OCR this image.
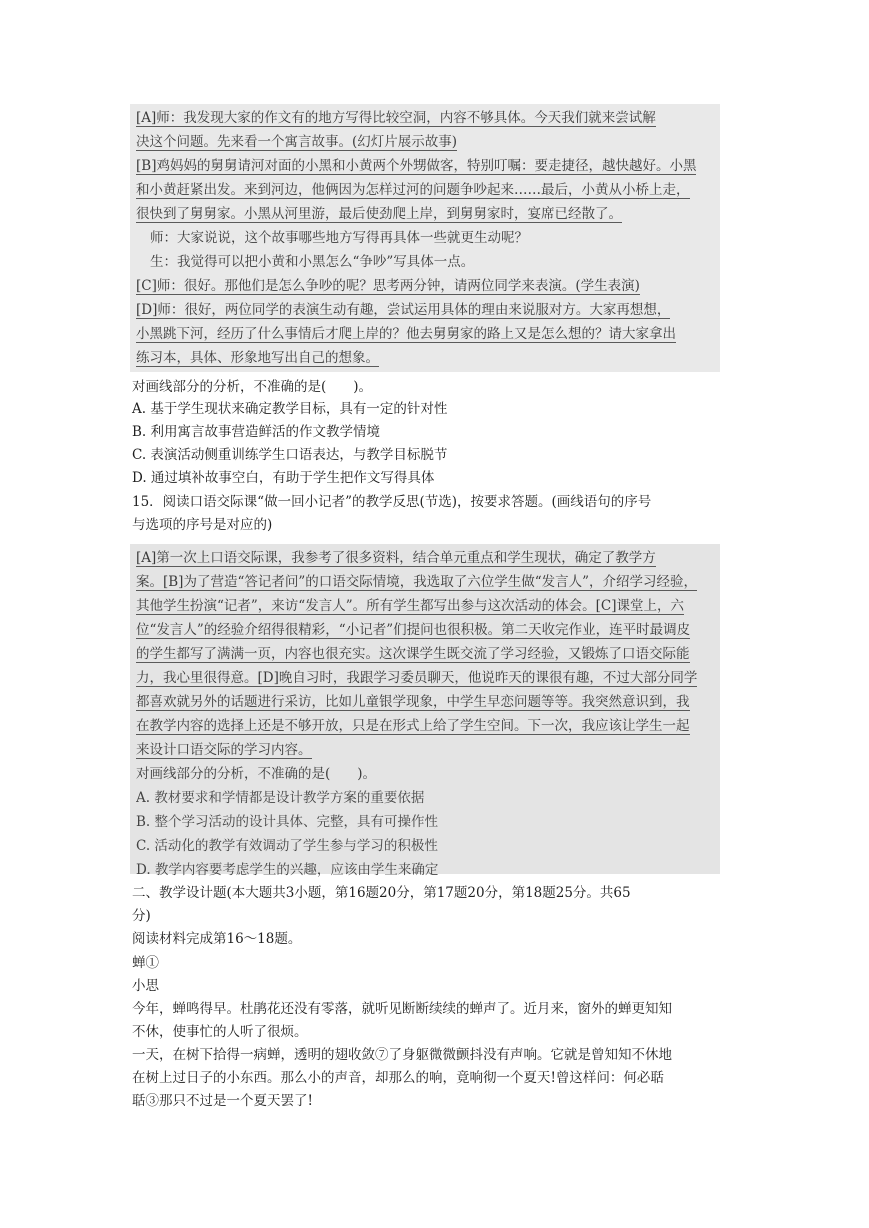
[A]师：我发现大家的作文有的地方写得比较空洞，内容不够具体。今天我们就来尝试解

决这个问题。先来看一个寓言故事。(幻灯片展示故事)

[B]鸡妈妈的舅舅请河对面的小黑和小黄两个外甥做客，特别叮嘱：要走捷径，越快越好。小黑

和小黄赶紧出发。来到河边，他俩因为怎样过河的问题争吵起来……最后，小黄从小桥上走，

很快到了舅舅家。小黑从河里游，最后使劲爬上岸，到舅舅家时，宴席已经散了。

师：大家说说，这个故事哪些地方写得再具体一些就更生动呢？

生：我觉得可以把小黄和小黑怎么“争吵”写具体一点。

[C]师：很好。那他们是怎么争吵的呢？思考两分钟，请两位同学来表演。(学生表演)

[D]师：很好，两位同学的表演生动有趣，尝试运用具体的理由来说服对方。大家再想想，

小黑跳下河，经历了什么事情后才爬上岸的？他去舅舅家的路上又是怎么想的？请大家拿出

练习本，具体、形象地写出自己的想象。

对画线部分的分析，不准确的是(　　)。

A. 基于学生现状来确定教学目标，具有一定的针对性

B. 利用寓言故事营造鲜活的作文教学情境

C. 表演活动侧重训练学生口语表达，与教学目标脱节

D. 通过填补故事空白，有助于学生把作文写得具体

15．阅读口语交际课“做一回小记者”的教学反思(节选)，按要求答题。(画线语句的序号

与选项的序号是对应的)

[A]第一次上口语交际课，我参考了很多资料，结合单元重点和学生现状，确定了教学方

案。[B]为了营造“答记者问”的口语交际情境，我选取了六位学生做“发言人”，介绍学习经验，

其他学生扮演“记者”，来访“发言人”。所有学生都写出参与这次活动的体会。[C]课堂上，六

位“发言人”的经验介绍得很精彩，“小记者”们提问也很积极。第二天收完作业，连平时最调皮

的学生都写了满满一页，内容也很充实。这次课学生既交流了学习经验，又锻炼了口语交际能

力，我心里很得意。[D]晚自习时，我跟学习委员聊天，他说昨天的课很有趣，不过大部分同学

都喜欢就另外的话题进行采访，比如儿童银学现象，中学生早恋问题等等。我突然意识到，我

在教学内容的选择上还是不够开放，只是在形式上给了学生空间。下一次，我应该让学生一起

来设计口语交际的学习内容。

对画线部分的分析，不准确的是(　　)。

A. 教材要求和学情都是设计教学方案的重要依据

B. 整个学习活动的设计具体、完整，具有可操作性

C. 活动化的教学有效调动了学生参与学习的积极性

D. 教学内容要考虑学生的兴趣，应该由学生来确定

二、教学设计题(本大题共3小题，第16题20分，第17题20分，第18题25分。共65

分)

阅读材料完成第16～18题。

蝉①

小思

今年，蝉鸣得早。杜鹃花还没有零落，就听见断断续续的蝉声了。近月来，窗外的蝉更知知

不休，使事忙的人听了很烦。

一天，在树下拾得一病蝉，透明的翅收敛⑦了身躯微微颤抖没有声响。它就是曾知知不休地

在树上过日子的小东西。那么小的声音，却那么的响，竟响彻一个夏天!曾这样问：何必聒

聒③那只不过是一个夏天罢了!
